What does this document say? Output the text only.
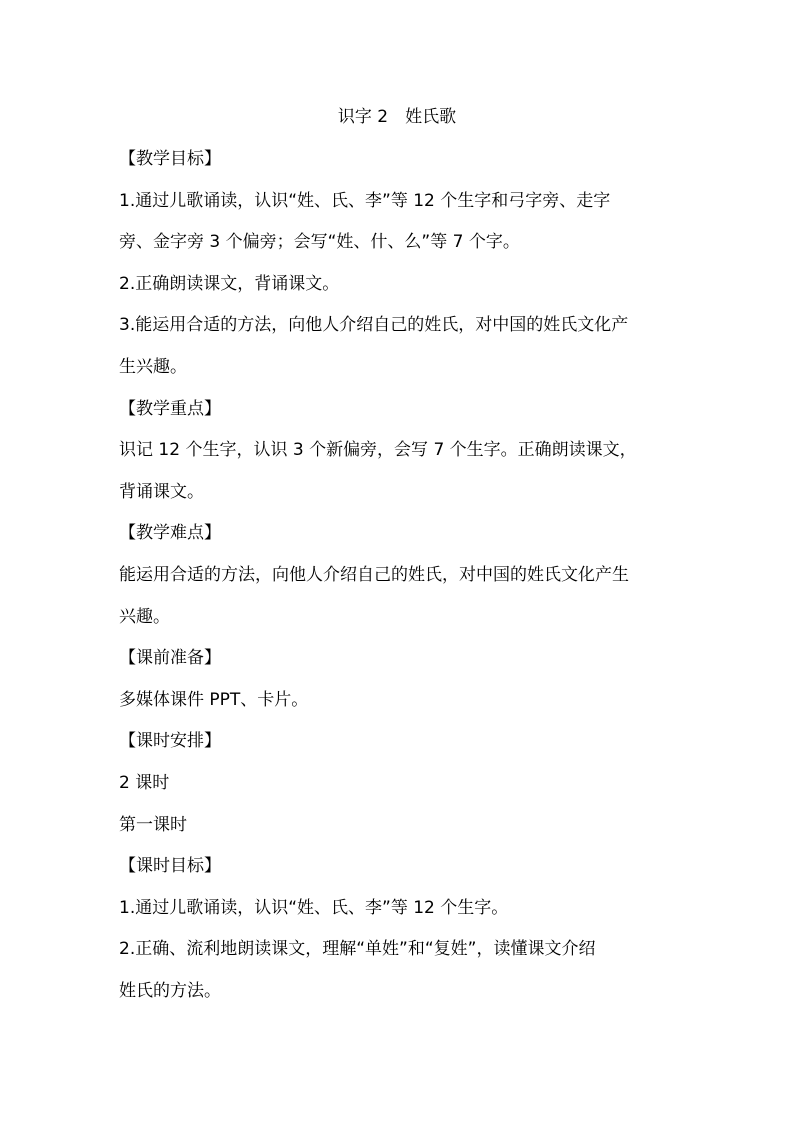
识字 2　姓氏歌
【教学目标】
1.通过儿歌诵读，认识“姓、氏、李”等 12 个生字和弓字旁、走字
旁、金字旁 3 个偏旁；会写“姓、什、么”等 7 个字。
2.正确朗读课文，背诵课文。
3.能运用合适的方法，向他人介绍自己的姓氏，对中国的姓氏文化产
生兴趣。
【教学重点】
识记 12 个生字，认识 3 个新偏旁，会写 7 个生字。正确朗读课文，
背诵课文。
【教学难点】
能运用合适的方法，向他人介绍自己的姓氏，对中国的姓氏文化产生
兴趣。
【课前准备】
多媒体课件 PPT、卡片。
【课时安排】
2 课时
第一课时
【课时目标】
1.通过儿歌诵读，认识“姓、氏、李”等 12 个生字。
2.正确、流利地朗读课文，理解“单姓”和“复姓”，读懂课文介绍
姓氏的方法。
